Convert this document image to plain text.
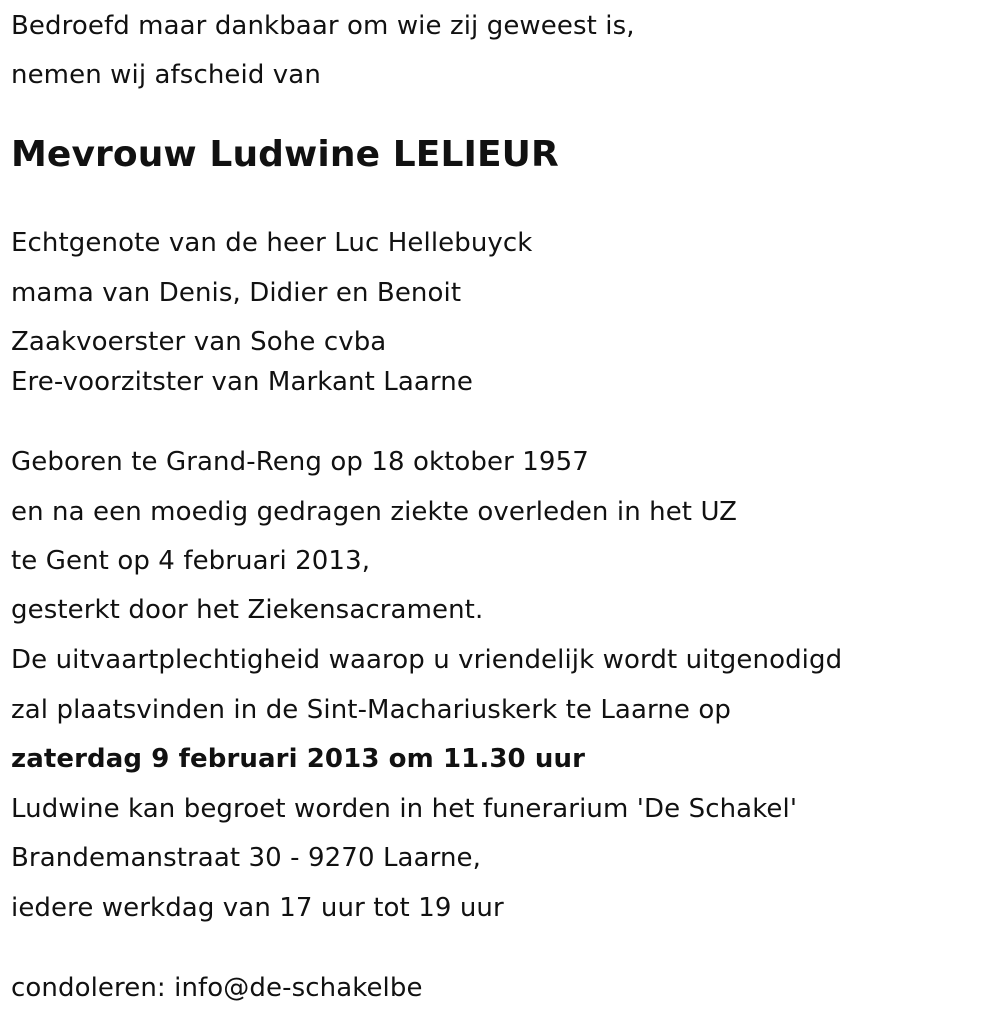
Bedroefd maar dankbaar om wie zij geweest is,
nemen wij afscheid van
Mevrouw Ludwine LELIEUR
Echtgenote van de heer Luc Hellebuyck
mama van Denis, Didier en Benoit
Zaakvoerster van Sohe cvba
Ere-voorzitster van Markant Laarne
Geboren te Grand-Reng op 18 oktober 1957
en na een moedig gedragen ziekte overleden in het UZ
te Gent op 4 februari 2013,
gesterkt door het Ziekensacrament.
De uitvaartplechtigheid waarop u vriendelijk wordt uitgenodigd
zal plaatsvinden in de Sint-Machariuskerk te Laarne op
zaterdag 9 februari 2013 om 11.30 uur
Ludwine kan begroet worden in het funerarium 'De Schakel'
Brandemanstraat 30 - 9270 Laarne,
iedere werkdag van 17 uur tot 19 uur
condoleren: info@de-schakelbe
